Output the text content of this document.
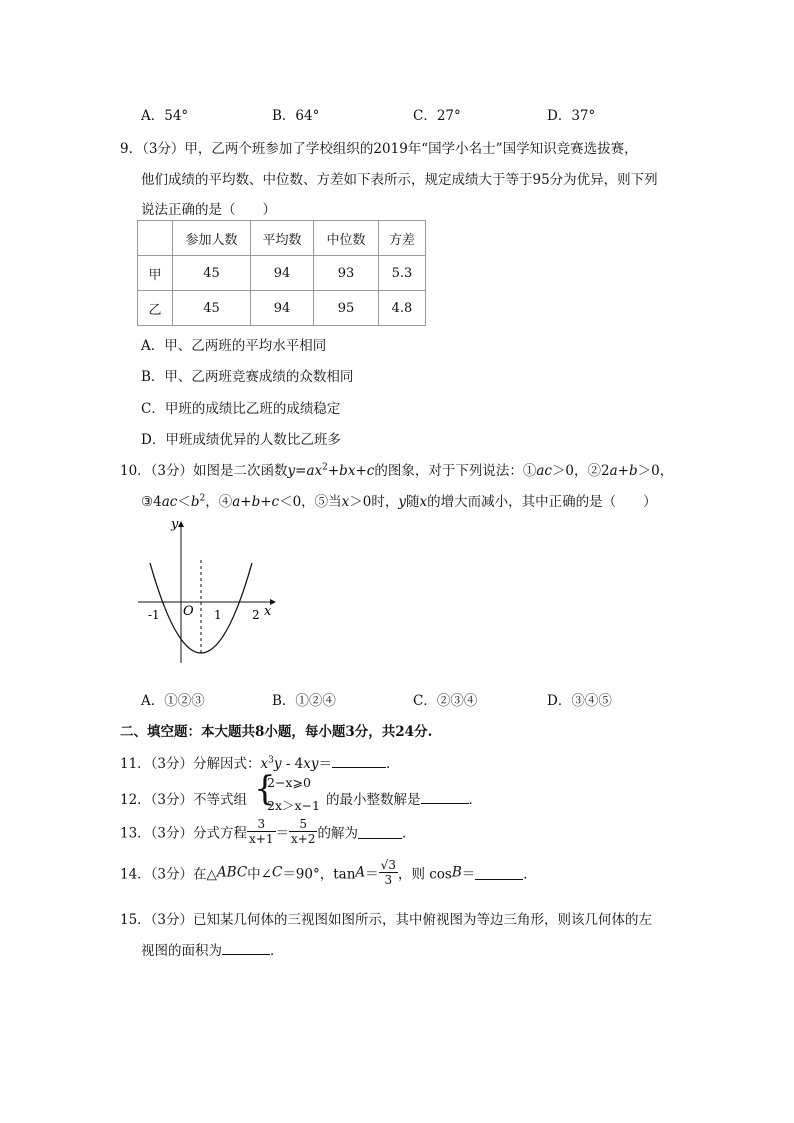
A．54°	B．64°	C．27°	D．37°
9．（3分）甲，乙两个班参加了学校组织的2019年“国学小名士”国学知识竞赛选拔赛，
他们成绩的平均数、中位数、方差如下表所示，规定成绩大于等于95分为优异，则下列
说法正确的是（　　）
	参加人数	平均数	中位数	方差
甲	45	94	93	5.3
乙	45	94	95	4.8
A．甲、乙两班的平均水平相同
B．甲、乙两班竞赛成绩的众数相同
C．甲班的成绩比乙班的成绩稳定
D．甲班成绩优异的人数比乙班多
10．（3分）如图是二次函数$y=ax^2+bx+c$的图象，对于下列说法：①ac＞0，②2a+b＞0，
$③4ac<b^2$，④a+b+c＜0，⑤当x＞0时，y随x的增大而减小，其中正确的是（　　）
y
x
O
-1	1	2
A．①②③	B．①②④	C．②③④	D．③④⑤
二、填空题：本大题共8小题，每小题3分，共24分.
11．（3分）分解因式：$x^3y - 4xy=$	．
12．（3分）不等式组 {
2−x⩾0
2x＞x−1 的最小整数解是	．
13．（3分）分式方程 $\frac{3}{x+1} = \frac{5}{x+2}$ 的解为	．
14．（3分）在△ABC中∠C＝90°，$\tan A= \frac{√3}{3}$ ，则 cosB＝	．
15．（3分）已知某几何体的三视图如图所示，其中俯视图为等边三角形，则该几何体的左
视图的面积为	．
